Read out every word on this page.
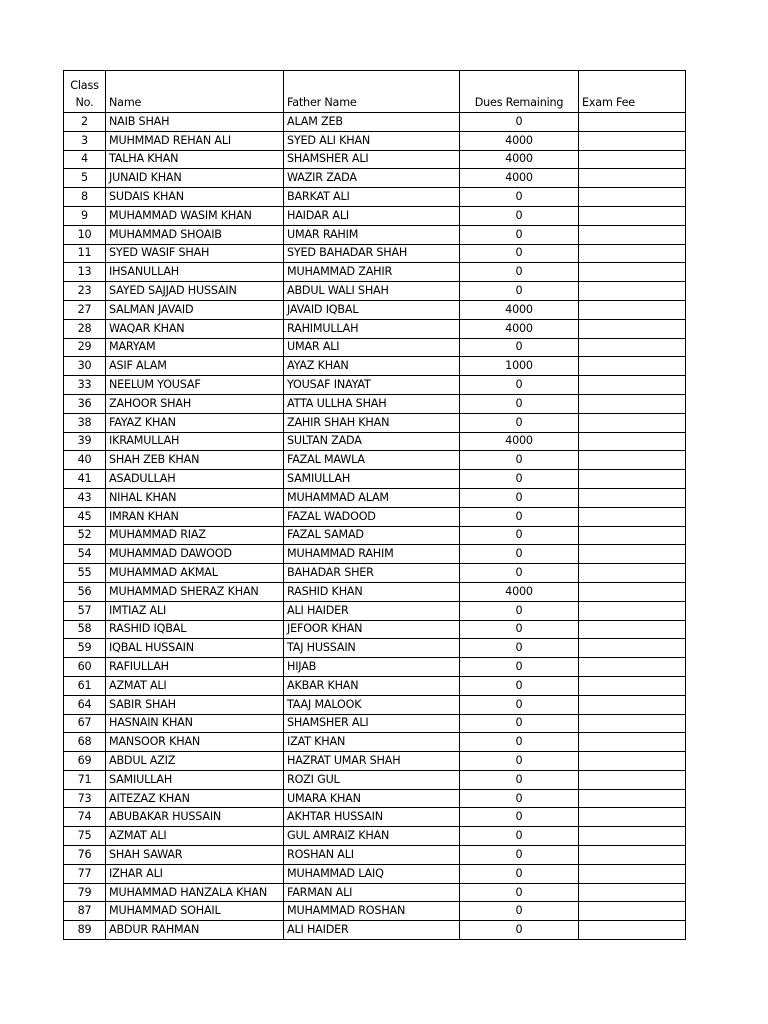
Class
No.	Name	Father Name	Dues Remaining	Exam Fee
2	NAIB SHAH	ALAM ZEB	0	
3	MUHMMAD REHAN ALI	SYED ALI KHAN	4000	
4	TALHA KHAN	SHAMSHER ALI	4000	
5	JUNAID KHAN	WAZIR ZADA	4000	
8	SUDAIS KHAN	BARKAT ALI	0	
9	MUHAMMAD WASIM KHAN	HAIDAR ALI	0	
10	MUHAMMAD SHOAIB	UMAR RAHIM	0	
11	SYED WASIF SHAH	SYED BAHADAR SHAH	0	
13	IHSANULLAH	MUHAMMAD ZAHIR	0	
23	SAYED SAJJAD HUSSAIN	ABDUL WALI SHAH	0	
27	SALMAN JAVAID	JAVAID IQBAL	4000	
28	WAQAR KHAN	RAHIMULLAH	4000	
29	MARYAM	UMAR ALI	0	
30	ASIF ALAM	AYAZ KHAN	1000	
33	NEELUM YOUSAF	YOUSAF INAYAT	0	
36	ZAHOOR SHAH	ATTA ULLHA SHAH	0	
38	FAYAZ KHAN	ZAHIR SHAH KHAN	0	
39	IKRAMULLAH	SULTAN ZADA	4000	
40	SHAH ZEB KHAN	FAZAL MAWLA	0	
41	ASADULLAH	SAMIULLAH	0	
43	NIHAL KHAN	MUHAMMAD ALAM	0	
45	IMRAN KHAN	FAZAL WADOOD	0	
52	MUHAMMAD RIAZ	FAZAL SAMAD	0	
54	MUHAMMAD DAWOOD	MUHAMMAD RAHIM	0	
55	MUHAMMAD AKMAL	BAHADAR SHER	0	
56	MUHAMMAD SHERAZ KHAN	RASHID KHAN	4000	
57	IMTIAZ ALI	ALI HAIDER	0	
58	RASHID IQBAL	JEFOOR KHAN	0	
59	IQBAL HUSSAIN	TAJ HUSSAIN	0	
60	RAFIULLAH	HIJAB	0	
61	AZMAT ALI	AKBAR KHAN	0	
64	SABIR SHAH	TAAJ MALOOK	0	
67	HASNAIN KHAN	SHAMSHER ALI	0	
68	MANSOOR KHAN	IZAT KHAN	0	
69	ABDUL AZIZ	HAZRAT UMAR SHAH	0	
71	SAMIULLAH	ROZI GUL	0	
73	AITEZAZ KHAN	UMARA KHAN	0	
74	ABUBAKAR HUSSAIN	AKHTAR HUSSAIN	0	
75	AZMAT ALI	GUL AMRAIZ KHAN	0	
76	SHAH SAWAR	ROSHAN ALI	0	
77	IZHAR ALI	MUHAMMAD LAIQ	0	
79	MUHAMMAD HANZALA KHAN	FARMAN ALI	0	
87	MUHAMMAD SOHAIL	MUHAMMAD ROSHAN	0	
89	ABDUR RAHMAN	ALI HAIDER	0	
